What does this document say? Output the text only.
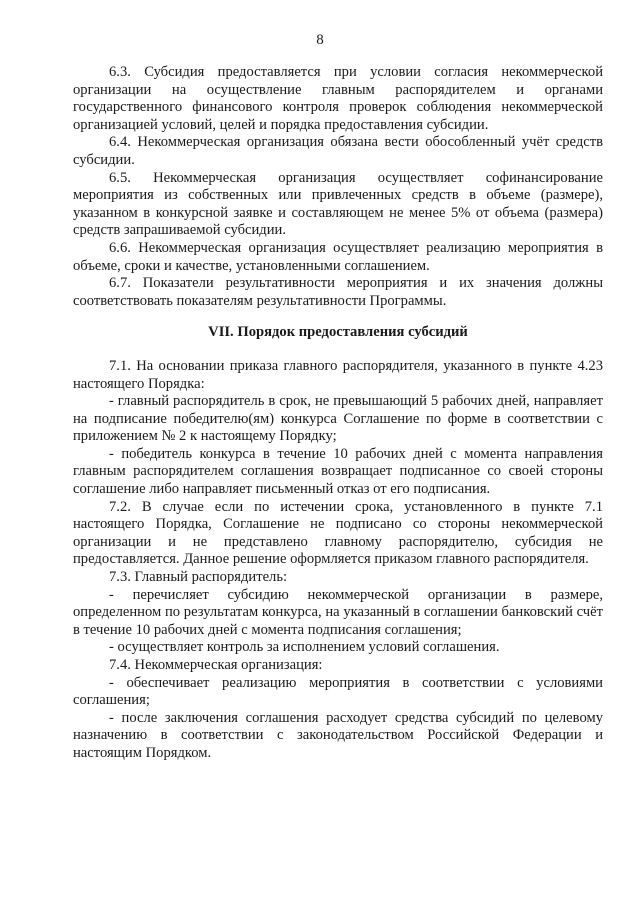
8

6.3. Субсидия предоставляется при условии согласия некоммерческой организации на осуществление главным распорядителем и органами государственного финансового контроля проверок соблюдения некоммерческой организацией условий, целей и порядка предоставления субсидии.

6.4. Некоммерческая организация обязана вести обособленный учёт средств субсидии.

6.5. Некоммерческая организация осуществляет софинансирование мероприятия из собственных или привлеченных средств в объеме (размере), указанном в конкурсной заявке и составляющем не менее 5% от объема (размера) средств запрашиваемой субсидии.

6.6. Некоммерческая организация осуществляет реализацию мероприятия в объеме, сроки и качестве, установленными соглашением.

6.7. Показатели результативности мероприятия и их значения должны соответствовать показателям результативности Программы.

VII. Порядок предоставления субсидий

7.1. На основании приказа главного распорядителя, указанного в пункте 4.23 настоящего Порядка:

- главный распорядитель в срок, не превышающий 5 рабочих дней, направляет на подписание победителю(ям) конкурса Соглашение по форме в соответствии с приложением № 2 к настоящему Порядку;

- победитель конкурса в течение 10 рабочих дней с момента направления главным распорядителем соглашения возвращает подписанное со своей стороны соглашение либо направляет письменный отказ от его подписания.

7.2. В случае если по истечении срока, установленного в пункте 7.1 настоящего Порядка, Соглашение не подписано со стороны некоммерческой организации и не представлено главному распорядителю, субсидия не предоставляется. Данное решение оформляется приказом главного распорядителя.

7.3. Главный распорядитель:

- перечисляет субсидию некоммерческой организации в размере, определенном по результатам конкурса, на указанный в соглашении банковский счёт в течение 10 рабочих дней с момента подписания соглашения;

- осуществляет контроль за исполнением условий соглашения.

7.4. Некоммерческая организация:

- обеспечивает реализацию мероприятия в соответствии с условиями соглашения;

- после заключения соглашения расходует средства субсидий по целевому назначению в соответствии с законодательством Российской Федерации и настоящим Порядком.
